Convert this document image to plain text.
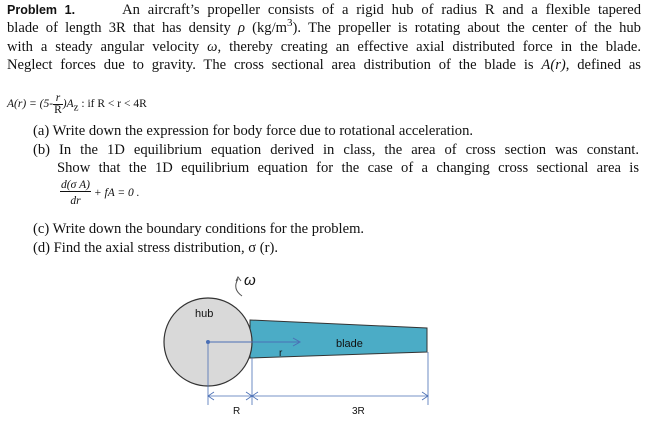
Problem 1.	An aircraft’s propeller consists of a rigid hub of radius R and a flexible tapered
blade of length 3R that has density ρ $(kg/m^3)$. The propeller is rotating about the center of the hub
with a steady angular velocity ω, thereby creating an effective axial distributed force in the blade.
Neglect forces due to gravity. The cross sectional area distribution of the blade is A(r), defined as
$A(r) = (5- \frac{r}{R} )A_z$ : if R < r < 4R
(a) Write down the expression for body force due to rotational acceleration.
(b) In the 1D equilibrium equation derived in class, the area of cross section was constant.
Show that the 1D equilibrium equation for the case of a changing cross sectional area is
$\frac{\text{d(σ A)}}{dr}$ + fA = 0 .
(c) Write down the boundary conditions for the problem.
(d) Find the axial stress distribution, σ (r).
ω
hub
r
blade
R	3R
